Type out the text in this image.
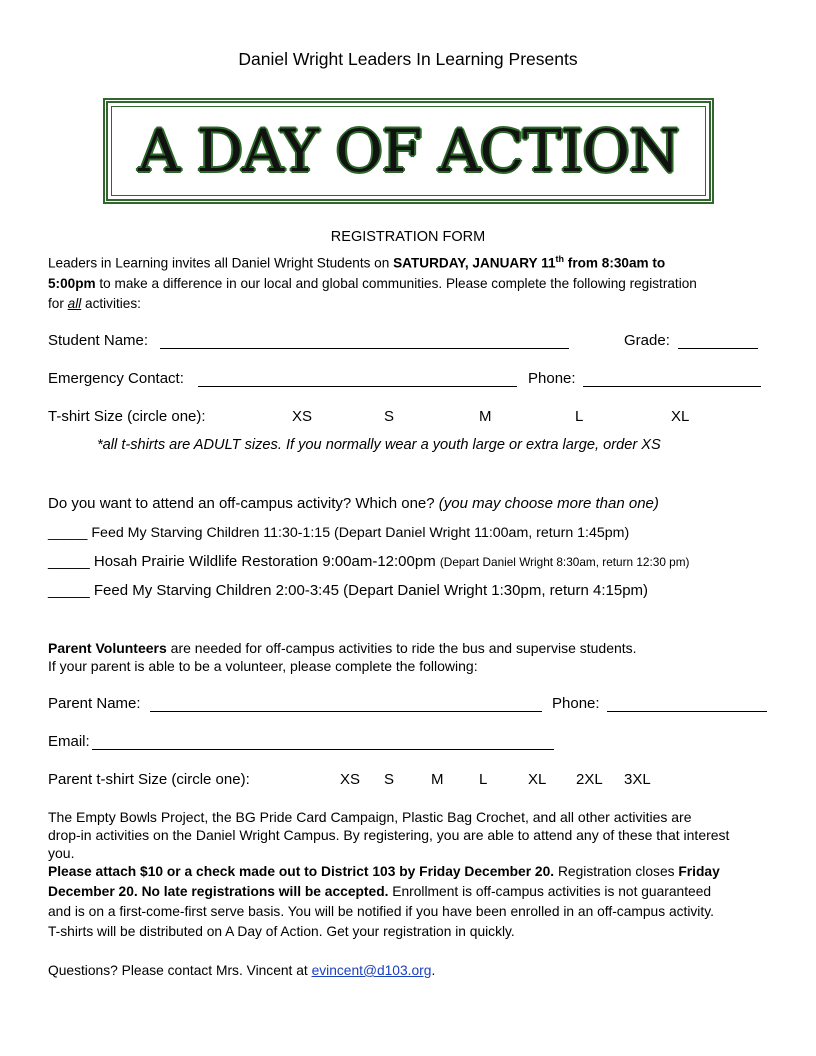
Daniel Wright Leaders In Learning Presents
A DAY OF ACTION
REGISTRATION FORM
Leaders in Learning invites all Daniel Wright Students on SATURDAY, JANUARY 11th from 8:30am to
5:00pm to make a difference in our local and global communities. Please complete the following registration
for all activities:
Student Name:	Grade:
Emergency Contact:	Phone:
T-shirt Size (circle one):	XS	S	M	L	XL
*all t-shirts are ADULT sizes. If you normally wear a youth large or extra large, order XS
Do you want to attend an off-campus activity? Which one? (you may choose more than one)
_____ Feed My Starving Children 11:30-1:15 (Depart Daniel Wright 11:00am, return 1:45pm)
_____ Hosah Prairie Wildlife Restoration 9:00am-12:00pm (Depart Daniel Wright 8:30am, return 12:30 pm)
_____ Feed My Starving Children 2:00-3:45 (Depart Daniel Wright 1:30pm, return 4:15pm)
Parent Volunteers are needed for off-campus activities to ride the bus and supervise students.
If your parent is able to be a volunteer, please complete the following:
Parent Name:	Phone:
Email:
Parent t-shirt Size (circle one):	XS S M L	XL 2XL 3XL
The Empty Bowls Project, the BG Pride Card Campaign, Plastic Bag Crochet, and all other activities are
drop-in activities on the Daniel Wright Campus. By registering, you are able to attend any of these that interest
you.
Please attach $10 or a check made out to District 103 by Friday December 20. Registration closes Friday
December 20. No late registrations will be accepted. Enrollment is off-campus activities is not guaranteed
and is on a first-come-first serve basis. You will be notified if you have been enrolled in an off-campus activity.
T-shirts will be distributed on A Day of Action. Get your registration in quickly.
Questions? Please contact Mrs. Vincent at evincent@d103.org.
